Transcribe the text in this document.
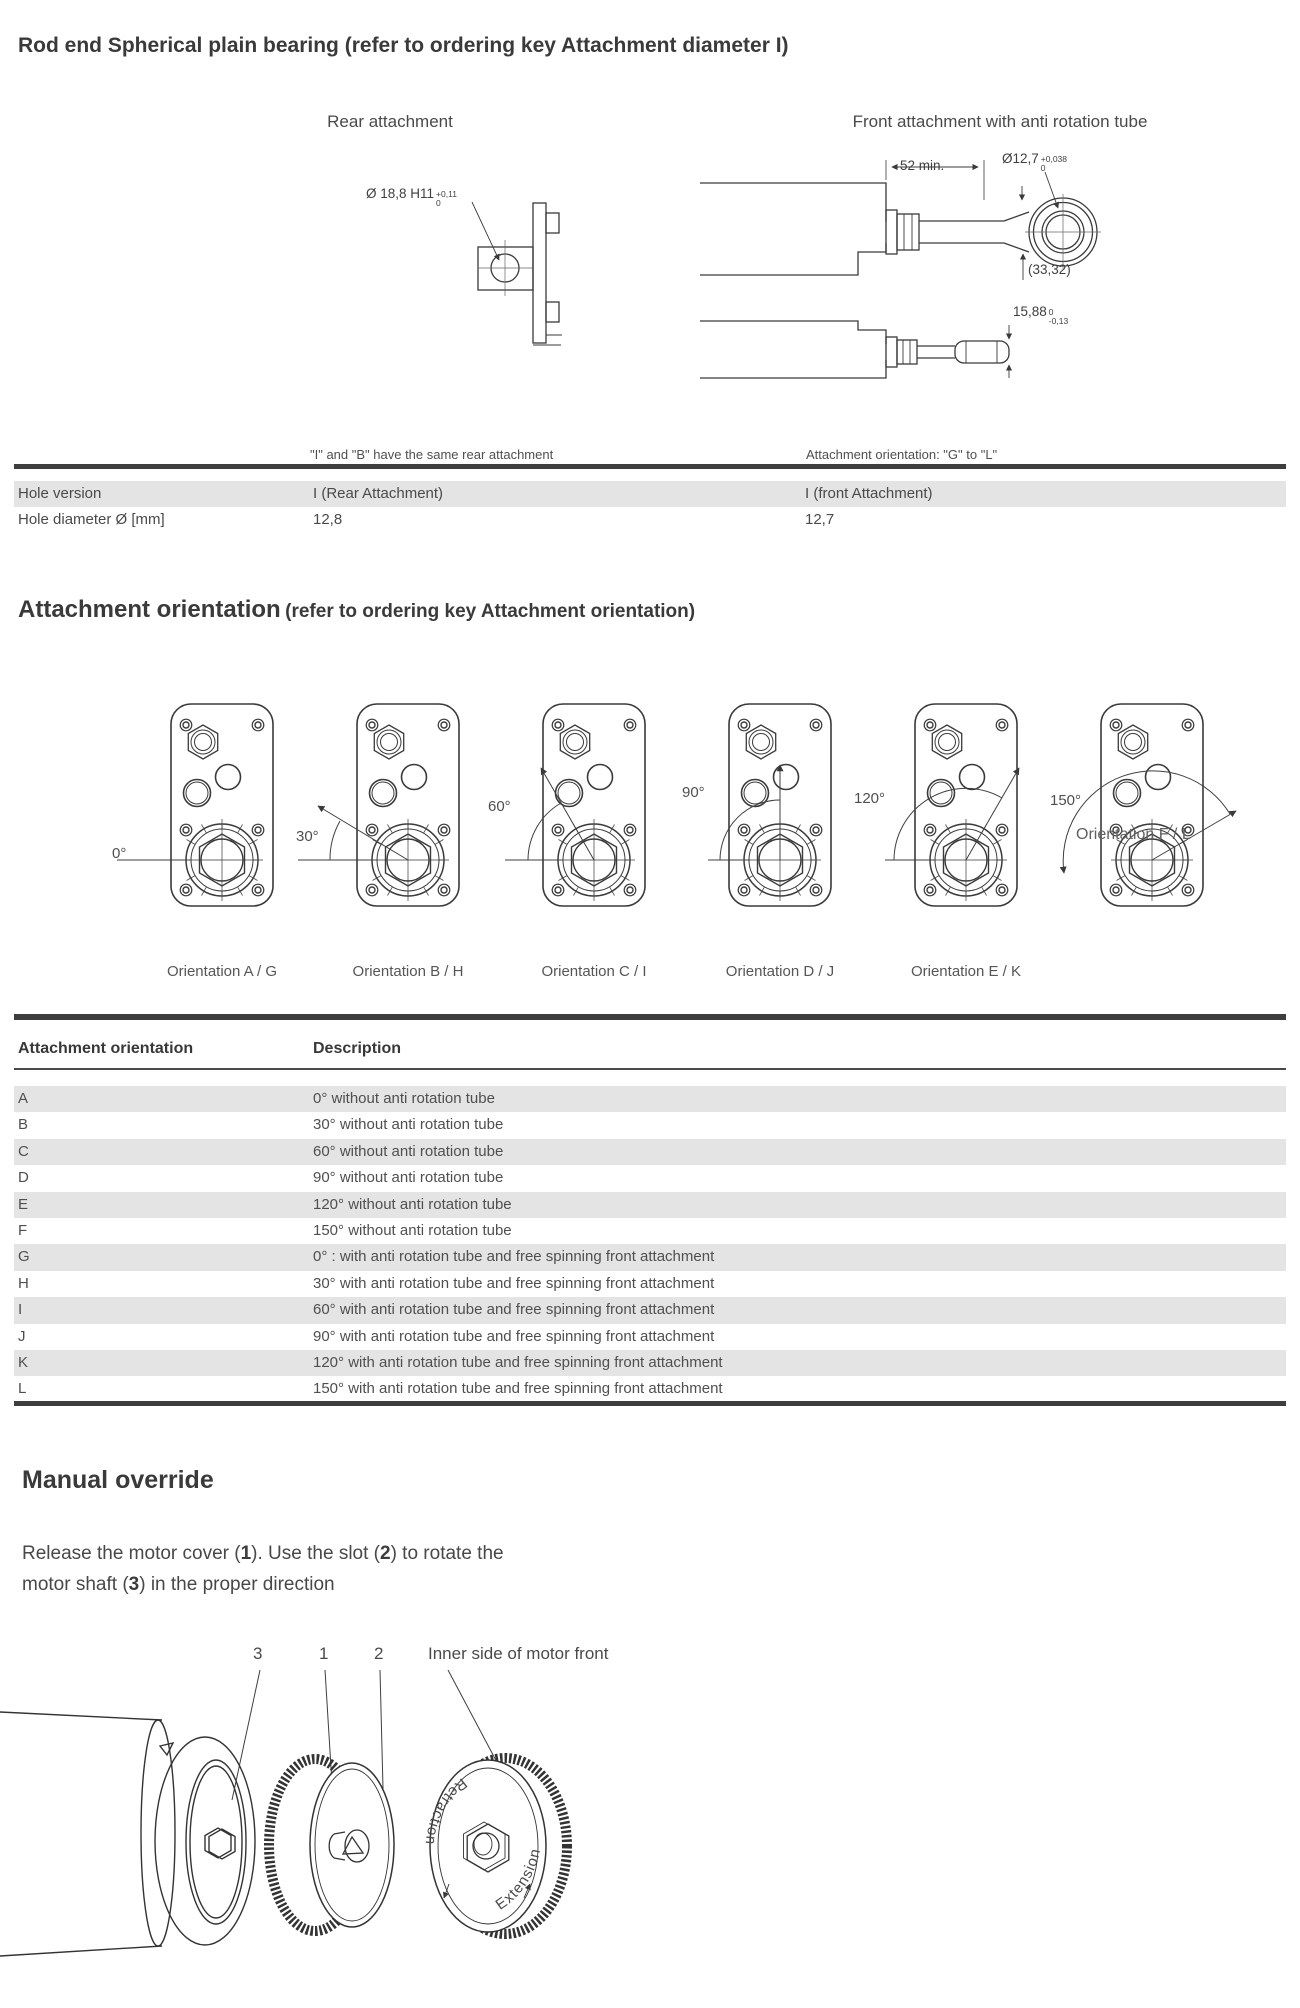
Rod end Spherical plain bearing (refer to ordering key Attachment diameter I)
Rear attachment	Front attachment with anti rotation tube
Ø 18,8 H11 +0,11
0
52 min.	Ø12,7 +0,038
0
(33,32)
15,88 0
-0,13
"I" and "B" have the same rear attachment	Attachment orientation: "G" to "L"
Hole version	I (Rear Attachment)	I (front Attachment)
Hole diameter Ø [mm]	12,8	12,7
Attachment orientation (refer to ordering key Attachment orientation)
0°
30°
60°
90°	120°	150°
Orientation A / G	Orientation B / H	Orientation C / I	Orientation D / J	Orientation E / K
Orientation F / L
Attachment orientation	Description
A	0° without anti rotation tube
B	30° without anti rotation tube
C	60° without anti rotation tube
D	90° without anti rotation tube
E	120° without anti rotation tube
F	150° without anti rotation tube
G	0° : with anti rotation tube and free spinning front attachment
H	30° with anti rotation tube and free spinning front attachment
I	60° with anti rotation tube and free spinning front attachment
J	90° with anti rotation tube and free spinning front attachment
K	120° with anti rotation tube and free spinning front attachment
L	150° with anti rotation tube and free spinning front attachment
Manual override
Release the motor cover (1). Use the slot (2) to rotate the motor shaft (3) in the proper direction
3	1	2	Inner side of motor front
Retraction
Extension
